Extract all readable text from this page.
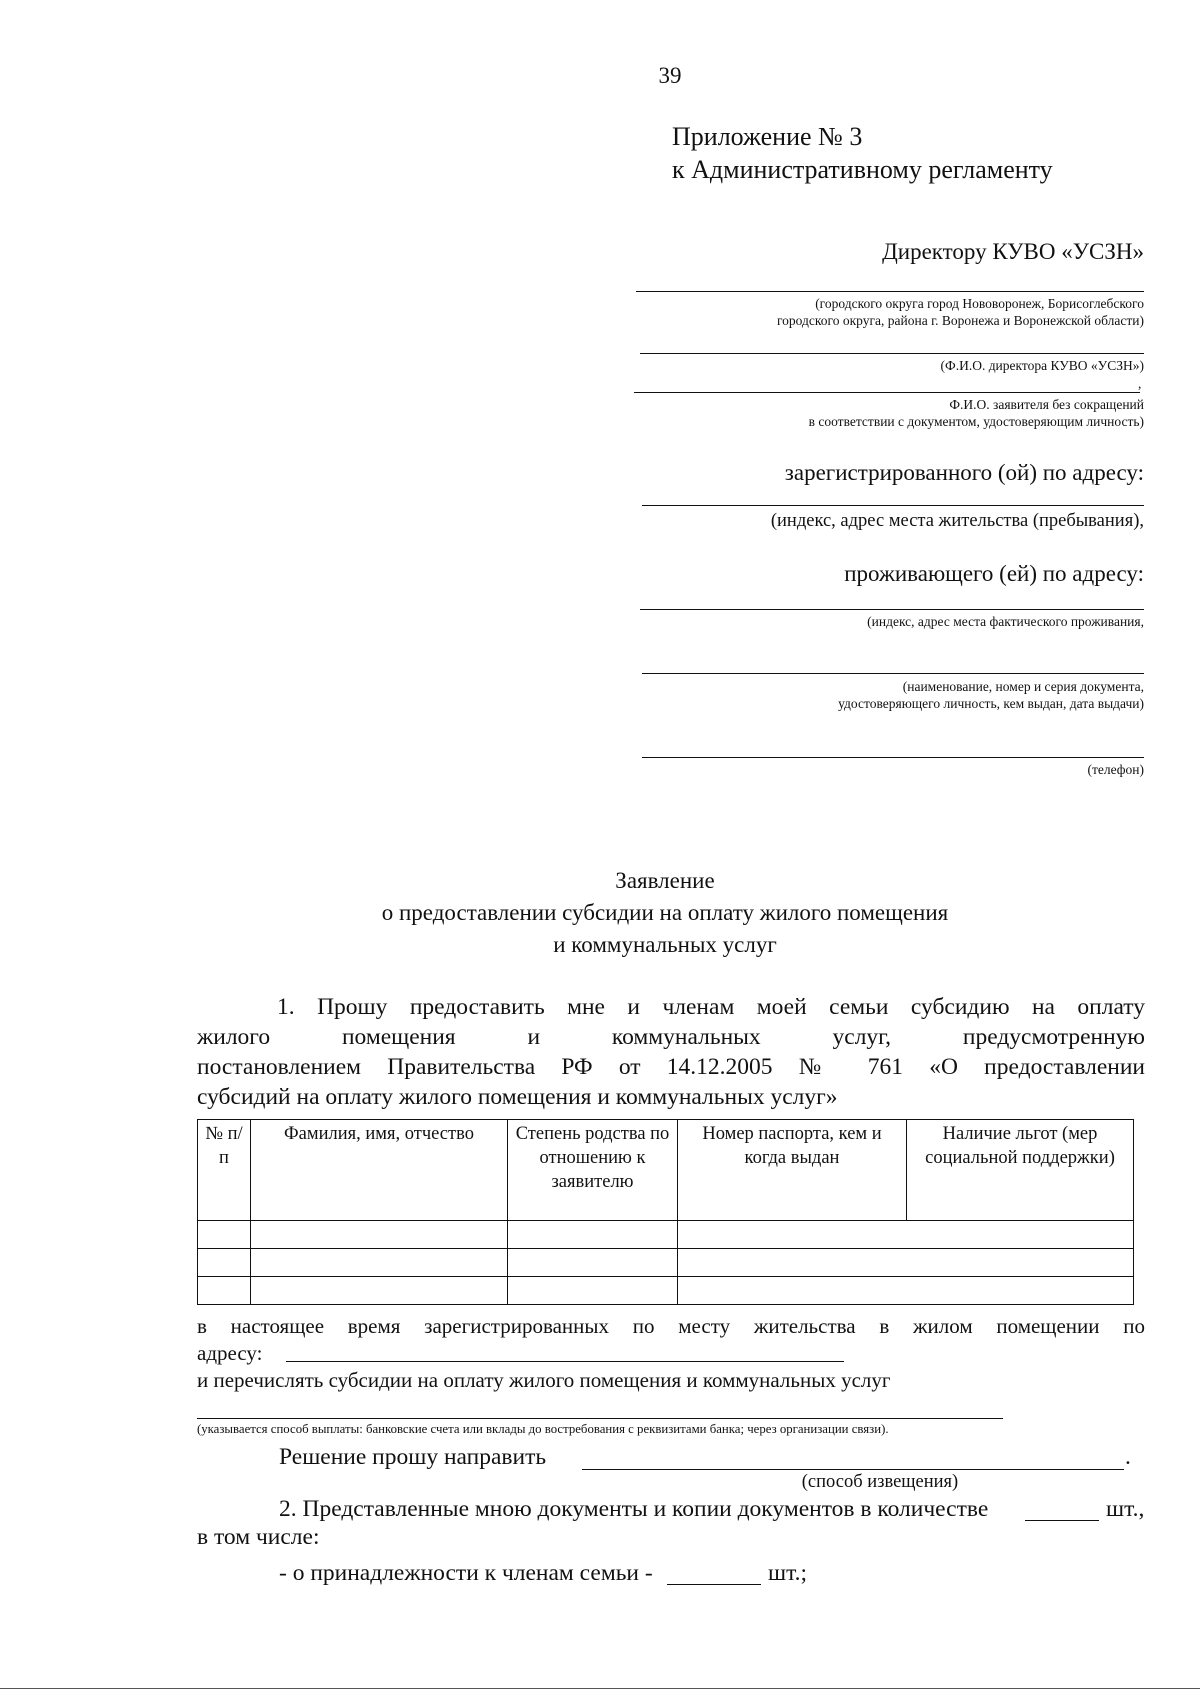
39
Приложение № 3
к Административному регламенту
Директору КУВО «УСЗН»
(городского округа город Нововоронеж, Борисоглебского
городского округа, района г. Воронежа и Воронежской области)
(Ф.И.О. директора КУВО «УСЗН»)
,
Ф.И.О. заявителя без сокращений
в соответствии с документом, удостоверяющим личность)
зарегистрированного (ой) по адресу:
(индекс, адрес места жительства (пребывания),
проживающего (ей) по адресу:
(индекс, адрес места фактического проживания,
(наименование, номер и серия документа,
удостоверяющего личность, кем выдан, дата выдачи)
(телефон)
Заявление
о предоставлении субсидии на оплату жилого помещения
и коммунальных услуг
1. Прошу предоставить мне и членам моей семьи субсидию на оплату
жилого помещения и коммунальных услуг, предусмотренную
постановлением Правительства РФ от 14.12.2005 № 761 «О предоставлении
субсидий на оплату жилого помещения и коммунальных услуг»
№ п/п	Фамилия, имя, отчество	Степень родства по отношению к заявителю	Номер паспорта, кем и когда выдан	Наличие льгот (мер социальной поддержки)

в настоящее время зарегистрированных по месту жительства в жилом помещении по
адресу:
и перечислять субсидии на оплату жилого помещения и коммунальных услуг
(указывается способ выплаты: банковские счета или вклады до востребования с реквизитами банка; через организации связи).
Решение прошу направить	.
(способ извещения)
2. Представленные мною документы и копии документов в количестве	шт.,
в том числе:
- о принадлежности к членам семьи -	шт.;
